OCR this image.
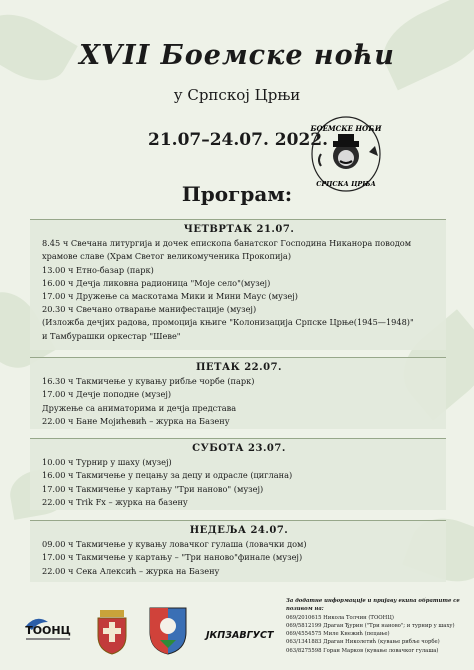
XVII Боемске ноћи
у Српској Црњи
21.07–24.07. 2022.
БОЕМСКЕ НОЋИ
СРПСКА ЦРЊА
Програм:
ЧЕТВРТАК 21.07.
8.45 ч Свечана литургија и дочек епископа банатског Господина Никанора поводом
храмове славе (Храм Светог великомученика Прокопија)
13.00 ч Етно-базар (парк)
16.00 ч Дечја ликовна радионица "Моје село"(музеј)
17.00 ч Дружење са маскотама Мики и Мини Маус (музеј)
20.30 ч Свечано отварање манифестације (музеј)
(Изложба дечјих радова, промоција књиге "Колонизација Српске Црње(1945—1948)"
и Тамбурашки оркестар "Шеве"
ПЕТАК 22.07.
16.30 ч Такмичење у кувању рибље чорбе (парк)
17.00 ч Дечје поподне (музеј)
Дружење са аниматорима и дечја представа
22.00 ч Бане Мојићевић – журка на Базену
СУБОТА 23.07.
10.00 ч Турнир у шаху (музеј)
16.00 ч Такмичење у пецању за децу и одрасле (циглана)
17.00 ч Такмичење у картању "Три наново" (музеј)
22.00 ч Trik Fx – журка на базену
НЕДЕЉА 24.07.
09.00 ч Такмичење у кувању ловачког гулаша (ловачки дом)
17.00 ч Такмичење у картању – "Три наново"финале (музеј)
22.00 ч Сека Алексић – журка на Базену
ТООНЦ	ЈКПЗАВГУСТ
За додатне информације и пријаву екипа обратите се позивом на:
069/2010615 Никола Толчин (ТООНЦ)
069/5812199 Драган Ђурин ("Три наново"; и турнир у шаху)
069/4554575 Миле Кнежић (пецање)
063/1341883 Драган Николетић (кување рибље чорбе)
063/8275598 Горан Марков (кување ловачког гулаша)
